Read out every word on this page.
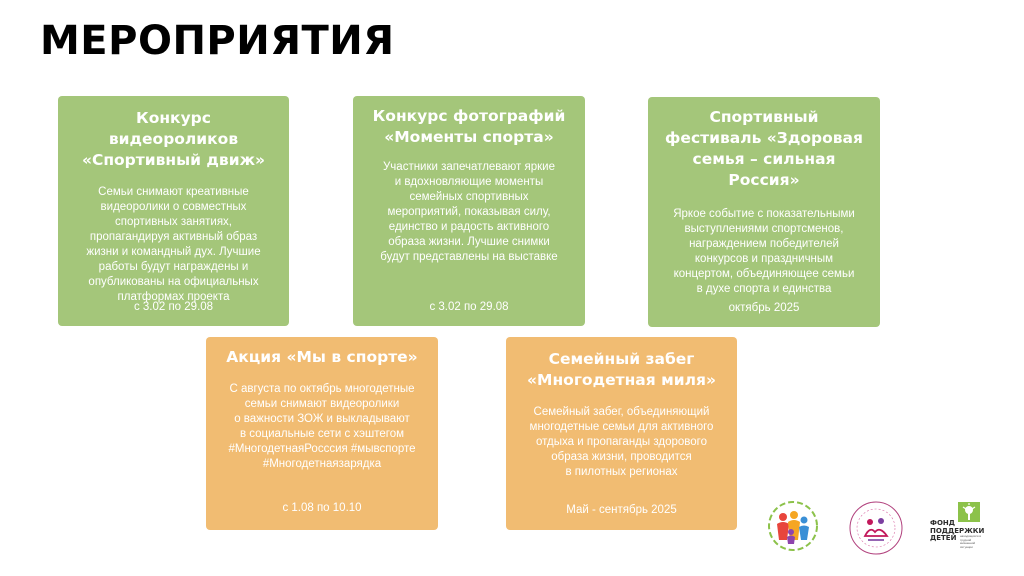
МЕРОПРИЯТИЯ
Конкурс видеороликов «Спортивный движ»

Семьи снимают креативные
видеоролики о совместных
спортивных занятиях,
пропагандируя активный образ
жизни и командный дух. Лучшие
работы будут награждены и
опубликованы на официальных
платформах проекта

с 3.02 по 29.08
Конкурс фотографий «Моменты спорта»

Участники запечатлевают яркие
и вдохновляющие моменты
семейных спортивных
мероприятий, показывая силу,
единство и радость активного
образа жизни. Лучшие снимки
будут представлены на выставке

с 3.02 по 29.08
Спортивный фестиваль «Здоровая семья – сильная Россия»

Яркое событие с показательными
выступлениями спортсменов,
награждением победителей
конкурсов и праздничным
концертом, объединяющее семьи
в духе спорта и единства

октябрь 2025
Акция «Мы в спорте»

С августа по октябрь многодетные
семьи снимают видеоролики
о важности ЗОЖ и выкладывают
в социальные сети с хэштегом
#МногодетнаяРосссия #мывспорте
#Многодетнаязарядка

с 1.08 по 10.10
Семейный забег «Многодетная миля»

Семейный забег, объединяющий
многодетные семьи для активного
отдыха и пропаганды здорового
образа жизни, проводится
в пилотных регионах

Май - сентябрь 2025
ФОНД
ПОДДЕРЖКИ
ДЕТЕЙ	находящихся в трудной жизненной ситуации
